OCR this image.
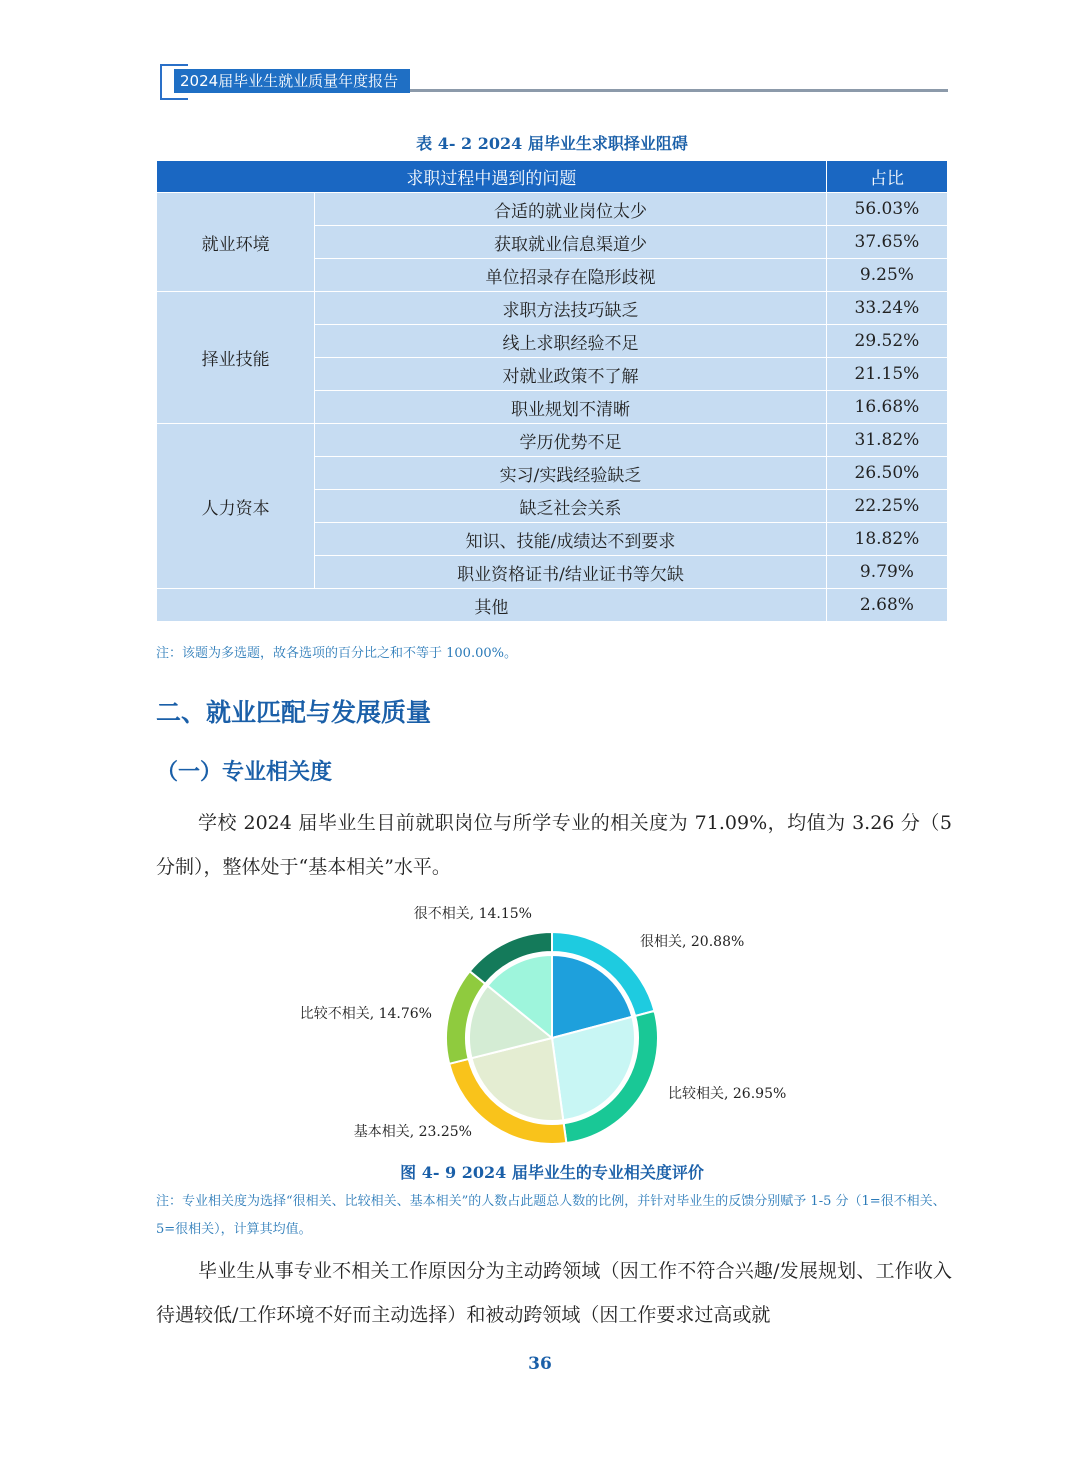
2024届毕业生就业质量年度报告
表 4- 2 2024 届毕业生求职择业阻碍
求职过程中遇到的问题		占比
就业环境	合适的就业岗位太少	56.03%
	获取就业信息渠道少	37.65%
	单位招录存在隐形歧视	9.25%
择业技能	求职方法技巧缺乏	33.24%
	线上求职经验不足	29.52%
	对就业政策不了解	21.15%
	职业规划不清晰	16.68%
人力资本	学历优势不足	31.82%
	实习/实践经验缺乏	26.50%
	缺乏社会关系	22.25%
	知识、技能/成绩达不到要求	18.82%
	职业资格证书/结业证书等欠缺	9.79%
其他		2.68%
注：该题为多选题，故各选项的百分比之和不等于 100.00%。
二、就业匹配与发展质量
（一）专业相关度
学校 2024 届毕业生目前就职岗位与所学专业的相关度为 71.09%，均值为 3.26 分（5 分制），整体处于“基本相关”水平。
很相关, 20.88%
比较相关, 26.95%
基本相关, 23.25%
比较不相关, 14.76%
很不相关, 14.15%
图 4- 9 2024 届毕业生的专业相关度评价
注：专业相关度为选择“很相关、比较相关、基本相关”的人数占此题总人数的比例，并针对毕业生的反馈分别赋予 1-5 分（1=很不相关、5=很相关），计算其均值。
毕业生从事专业不相关工作原因分为主动跨领域（因工作不符合兴趣/发展规划、工作收入待遇较低/工作环境不好而主动选择）和被动跨领域（因工作要求过高或就
36
